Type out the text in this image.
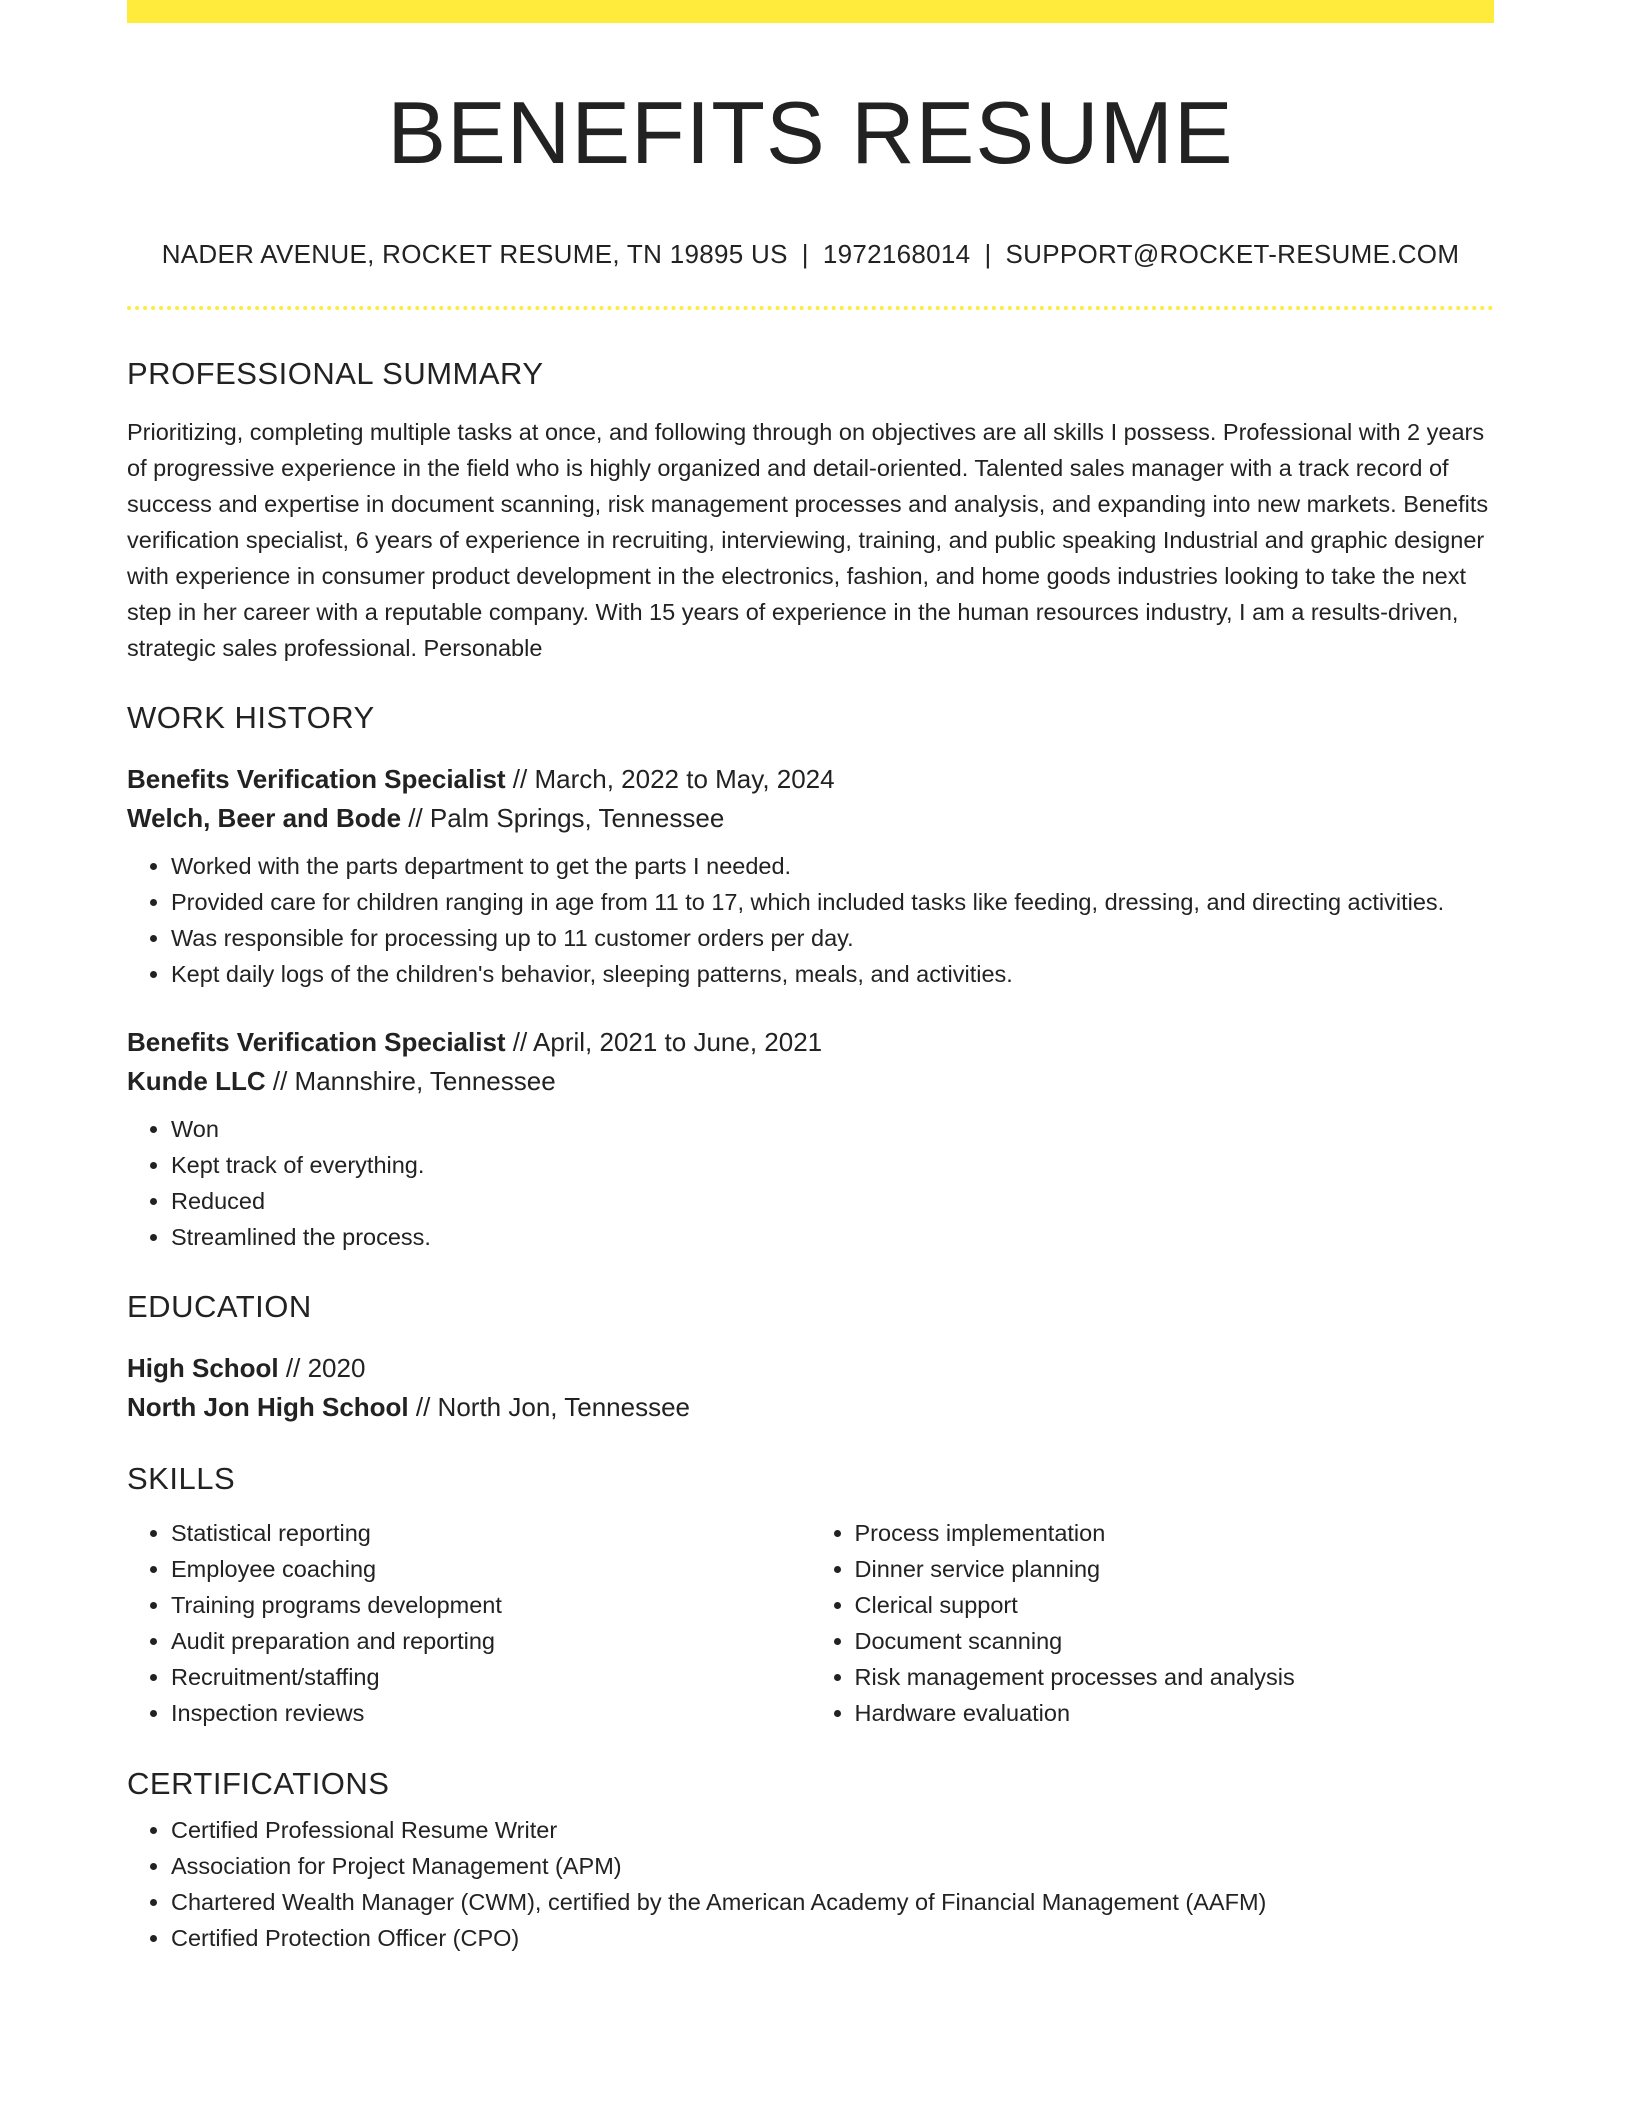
BENEFITS RESUME
NADER AVENUE, ROCKET RESUME, TN 19895 US | 1972168014 | SUPPORT@ROCKET-RESUME.COM
PROFESSIONAL SUMMARY
Prioritizing, completing multiple tasks at once, and following through on objectives are all skills I possess. Professional with 2 years of progressive experience in the field who is highly organized and detail-oriented. Talented sales manager with a track record of success and expertise in document scanning, risk management processes and analysis, and expanding into new markets. Benefits verification specialist, 6 years of experience in recruiting, interviewing, training, and public speaking Industrial and graphic designer with experience in consumer product development in the electronics, fashion, and home goods industries looking to take the next step in her career with a reputable company. With 15 years of experience in the human resources industry, I am a results-driven, strategic sales professional. Personable
WORK HISTORY
Benefits Verification Specialist // March, 2022 to May, 2024
Welch, Beer and Bode // Palm Springs, Tennessee
• Worked with the parts department to get the parts I needed.
• Provided care for children ranging in age from 11 to 17, which included tasks like feeding, dressing, and directing activities.
• Was responsible for processing up to 11 customer orders per day.
• Kept daily logs of the children's behavior, sleeping patterns, meals, and activities.
Benefits Verification Specialist // April, 2021 to June, 2021
Kunde LLC // Mannshire, Tennessee
• Won
• Kept track of everything.
• Reduced
• Streamlined the process.
EDUCATION
High School // 2020
North Jon High School // North Jon, Tennessee
SKILLS
• Statistical reporting
• Employee coaching
• Training programs development
• Audit preparation and reporting
• Recruitment/staffing
• Inspection reviews
• Process implementation
• Dinner service planning
• Clerical support
• Document scanning
• Risk management processes and analysis
• Hardware evaluation
CERTIFICATIONS
• Certified Professional Resume Writer
• Association for Project Management (APM)
• Chartered Wealth Manager (CWM), certified by the American Academy of Financial Management (AAFM)
• Certified Protection Officer (CPO)
